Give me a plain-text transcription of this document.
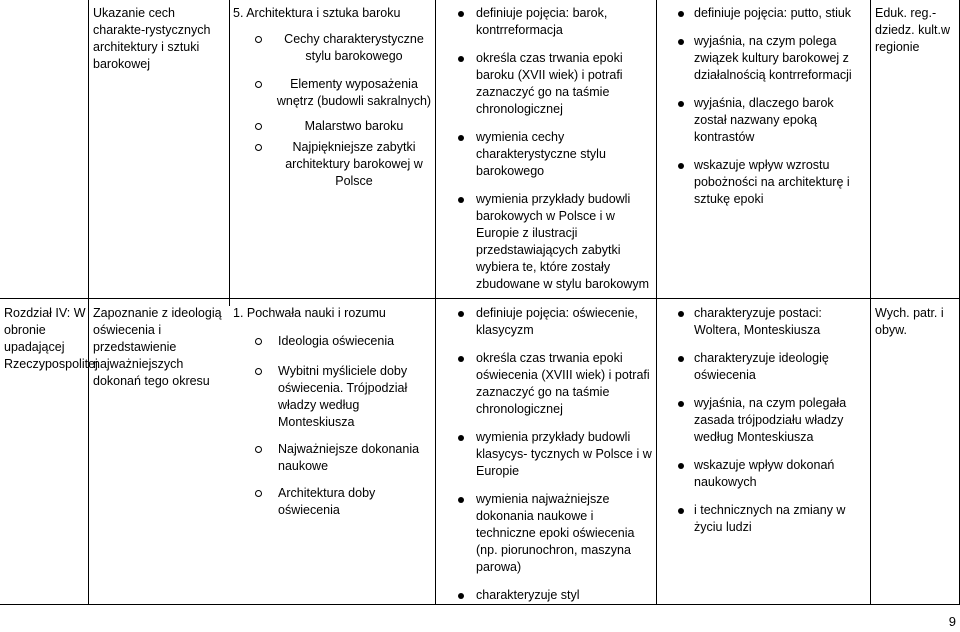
Ukazanie cech charakte-rystycznych architektury i sztuki barokowej
5. Architektura i sztuka baroku
Cechy charakterystyczne stylu barokowego
Elementy wyposażenia wnętrz (budowli sakralnych)
Malarstwo baroku
Najpiękniejsze zabytki architektury barokowej w Polsce
definiuje pojęcia: barok, kontrreformacja
określa czas trwania epoki baroku (XVII wiek) i potrafi zaznaczyć go na taśmie chronologicznej
wymienia cechy charakterystyczne stylu barokowego
wymienia przykłady budowli barokowych w Polsce i w Europie z ilustracji przedstawiających zabytki wybiera te, które zostały zbudowane w stylu barokowym
definiuje pojęcia: putto, stiuk
wyjaśnia, na czym polega związek kultury barokowej z działalnością kontrreformacji
wyjaśnia, dlaczego barok został nazwany epoką kontrastów
wskazuje wpływ wzrostu pobożności na architekturę i sztukę epoki
Eduk. reg.-dziedz. kult.w regionie
Rozdział IV: W obronie upadającej Rzeczypospolitej
Zapoznanie z ideologią oświecenia i przedstawienie najważniejszych dokonań tego okresu
1. Pochwała nauki i rozumu
Ideologia oświecenia
Wybitni myśliciele doby oświecenia. Trójpodział władzy według Monteskiusza
Najważniejsze dokonania naukowe
Architektura doby oświecenia
definiuje pojęcia: oświecenie, klasycyzm
określa czas trwania epoki oświecenia (XVIII wiek) i potrafi zaznaczyć go na taśmie chronologicznej
wymienia przykłady budowli klasycys- tycznych w Polsce i w Europie
wymienia najważniejsze dokonania naukowe i techniczne epoki oświecenia (np. piorunochron, maszyna parowa)
charakteryzuje styl
charakteryzuje postaci: Woltera, Monteskiusza
charakteryzuje ideologię oświecenia
wyjaśnia, na czym polegała zasada trójpodziału władzy według Monteskiusza
wskazuje wpływ dokonań naukowych
i technicznych na zmiany w życiu ludzi
Wych. patr. i obyw.
9
